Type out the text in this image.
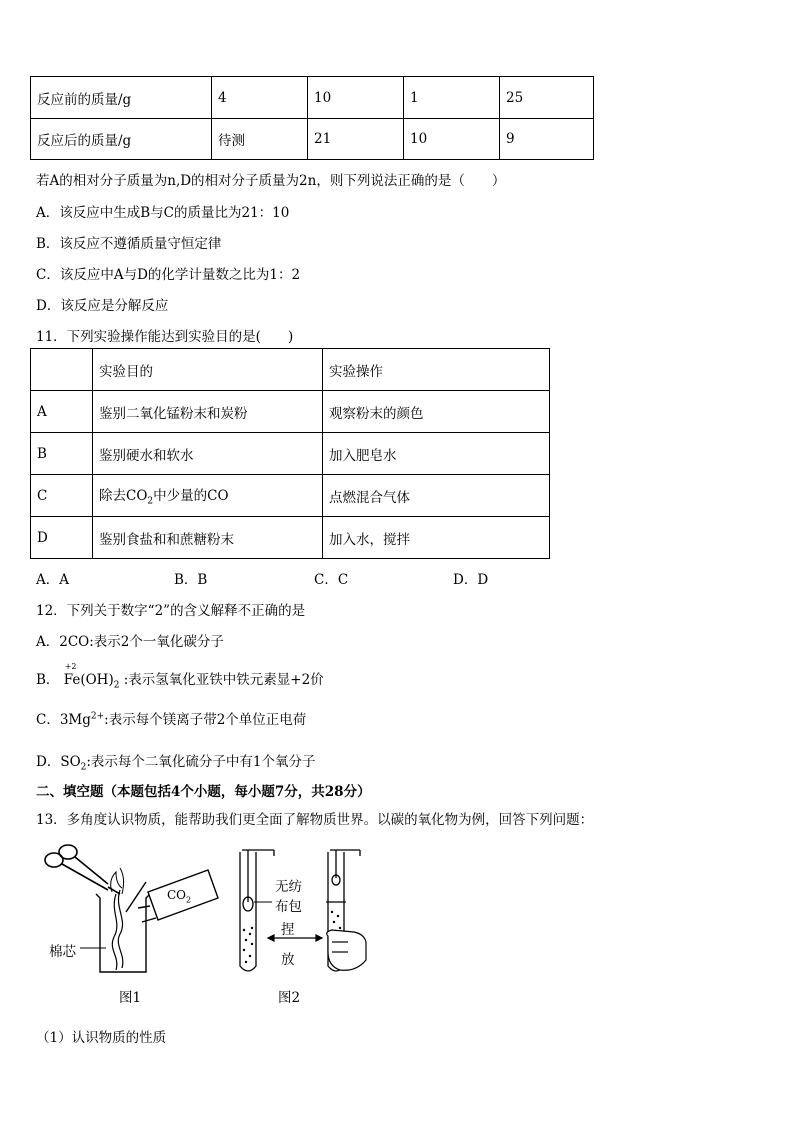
反应前的质量/g	4	10	1	25
反应后的质量/g	待测	21	10	9
若A的相对分子质量为n,D的相对分子质量为2n，则下列说法正确的是（　　）
A．该反应中生成B与C的质量比为21：10
B．该反应不遵循质量守恒定律
C．该反应中A与D的化学计量数之比为1：2
D．该反应是分解反应
11．下列实验操作能达到实验目的是(　　)
	实验目的	实验操作
A	鉴别二氧化锰粉末和炭粉	观察粉末的颜色
B	鉴别硬水和软水	加入肥皂水
C	除去$CO_2$中少量的CO	点燃混合气体
D	鉴别食盐和和蔗糖粉末	加入水，搅拌
A．A	B．B	C．C	D．D
12．下列关于数字“2”的含义解释不正确的是
A．2CO:表示2个一氧化碳分子
B．
+2
$Fe(OH)_2$ :表示氢氧化亚铁中铁元素显+2价
C．$3Mg^{2+}$:表示每个镁离子带2个单位正电荷
D．$SO_2$:表示每个二氧化硫分子中有1个氧分子
二、填空题（本题包括4个小题，每小题7分，共28分）
13．多角度认识物质，能帮助我们更全面了解物质世界。以碳的氧化物为例，回答下列问题：
$CO_2$
棉芯
图1
无纺
布包
捏
放
图2
（1）认识物质的性质
